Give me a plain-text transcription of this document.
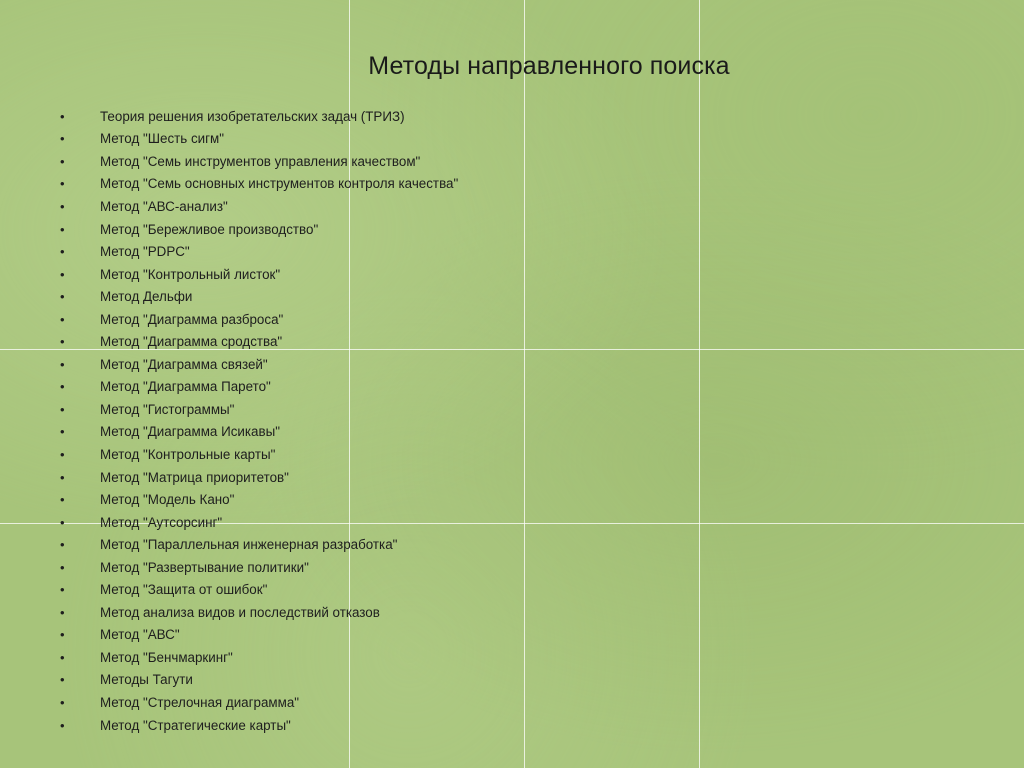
Методы направленного поиска
•	Теория решения изобретательских задач (ТРИЗ)
•	Метод "Шесть сигм"
•	Метод "Семь инструментов управления качеством"
•	Метод "Семь основных инструментов контроля качества"
•	Метод "АВС-анализ"
•	Метод "Бережливое производство"
•	Метод "PDPC"
•	Метод "Контрольный листок"
•	Метод Дельфи
•	Метод "Диаграмма разброса"
•	Метод "Диаграмма сродства"
•	Метод "Диаграмма связей"
•	Метод "Диаграмма Парето"
•	Метод "Гистограммы"
•	Метод "Диаграмма Исикавы"
•	Метод "Контрольные карты"
•	Метод "Матрица приоритетов"
•	Метод "Модель Кано"
•	Метод "Аутсорсинг"
•	Метод "Параллельная инженерная разработка"
•	Метод "Развертывание политики"
•	Метод "Защита от ошибок"
•	Метод анализа видов и последствий отказов
•	Метод "АВС"
•	Метод "Бенчмаркинг"
•	Методы Тагути
•	Метод "Стрелочная диаграмма"
•	Метод "Стратегические карты"
